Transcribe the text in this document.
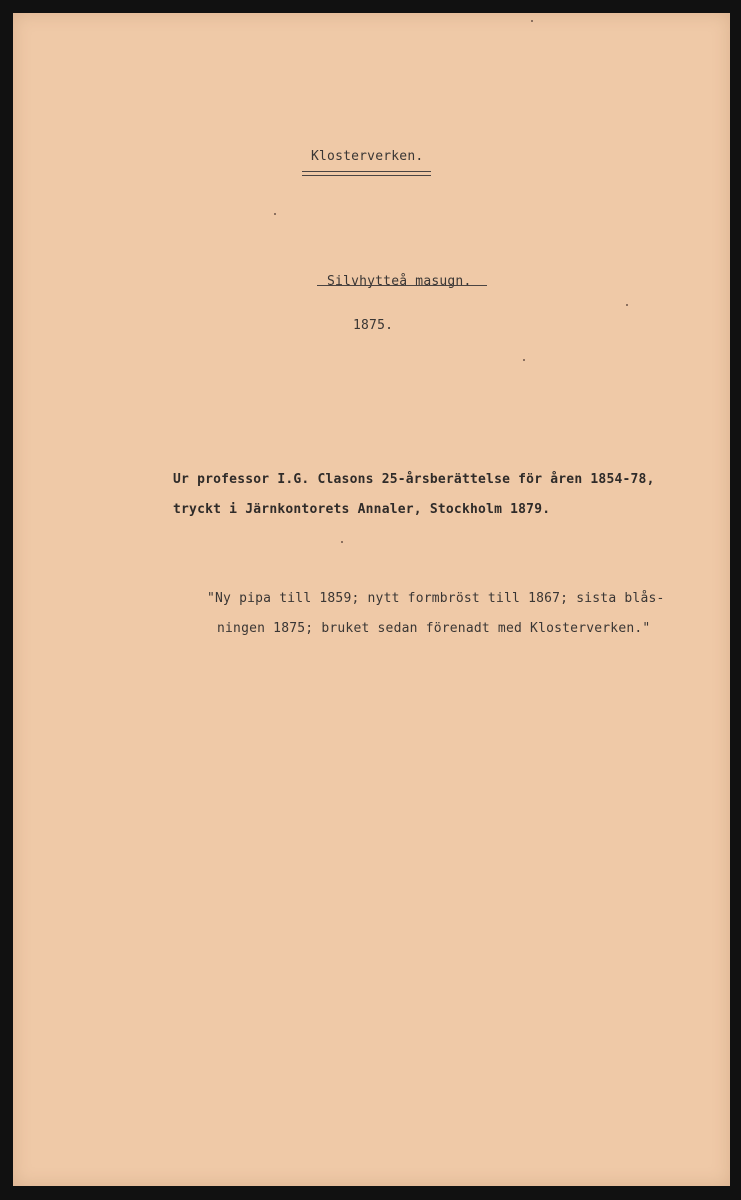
Klosterverken.
Silvhytteå masugn.
1875.
Ur professor I.G. Clasons 25-årsberättelse för åren 1854-78,
tryckt i Järnkontorets Annaler, Stockholm 1879.
"Ny pipa till 1859; nytt formbröst till 1867; sista blås-
ningen 1875; bruket sedan förenadt med Klosterverken."
